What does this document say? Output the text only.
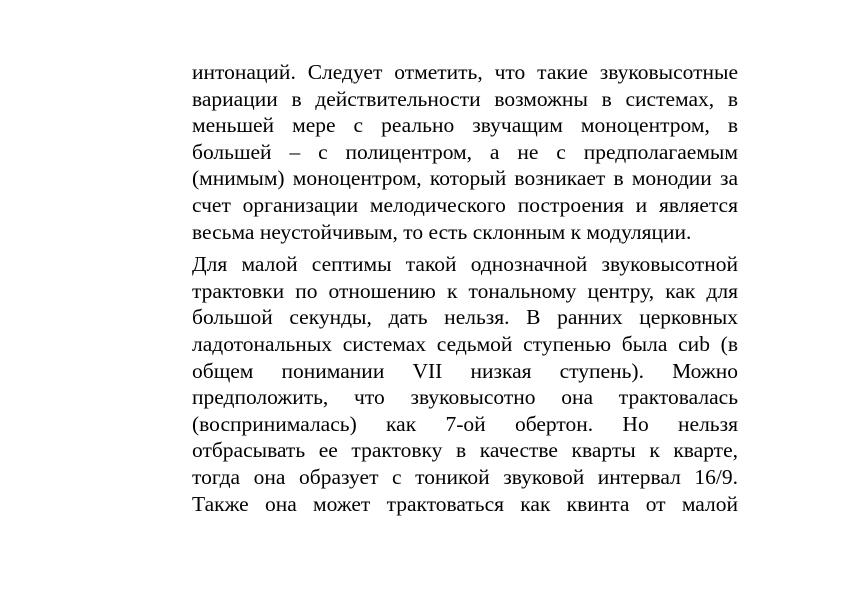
интонаций. Следует отметить, что такие звуковысотные
вариации в действительности возможны в системах, в
меньшей мере с реально звучащим моноцентром, в
большей – с полицентром, а не с предполагаемым
(мнимым) моноцентром, который возникает в монодии за
счет организации мелодического построения и является
весьма неустойчивым, то есть склонным к модуляции.
Для малой септимы такой однозначной звуковысотной
трактовки по отношению к тональному центру, как для
большой секунды, дать нельзя. В ранних церковных
ладотональных системах седьмой ступенью была сиb (в
общем понимании VII низкая ступень). Можно
предположить, что звуковысотно она трактовалась
(воспринималась) как 7-ой обертон. Но нельзя
отбрасывать ее трактовку в качестве кварты к кварте,
тогда она образует с тоникой звуковой интервал 16/9.
Также она может трактоваться как квинта от малой
